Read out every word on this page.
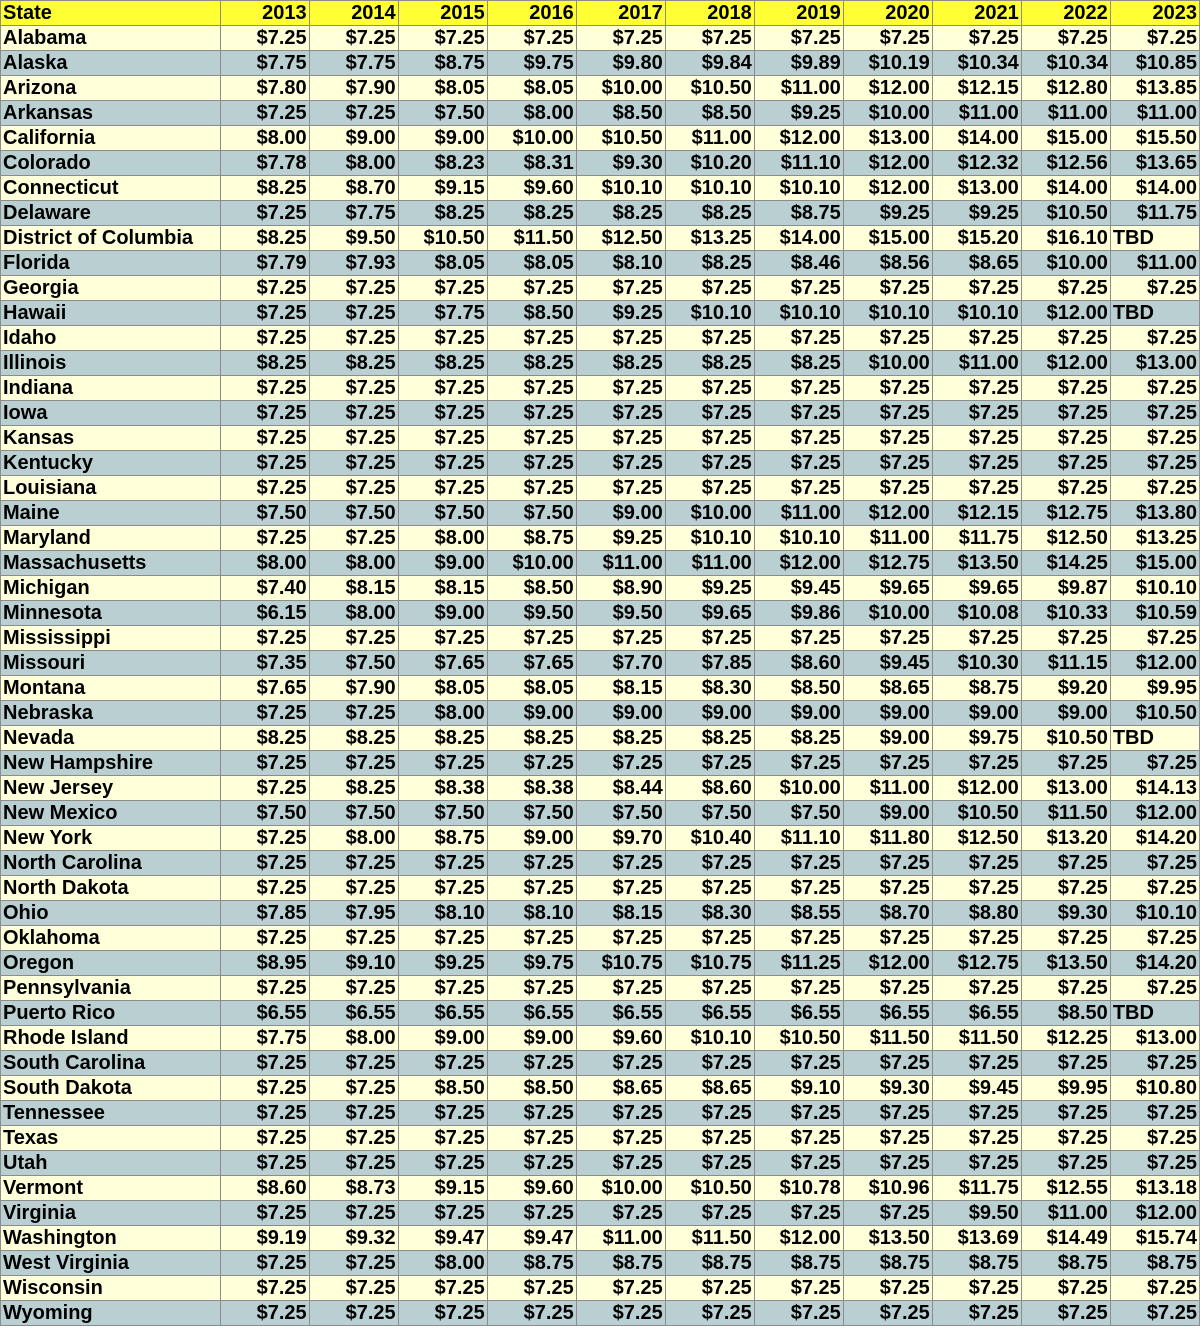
State	2013	2014	2015	2016	2017	2018	2019	2020	2021	2022	2023
Alabama	$7.25	$7.25	$7.25	$7.25	$7.25	$7.25	$7.25	$7.25	$7.25	$7.25	$7.25
Alaska	$7.75	$7.75	$8.75	$9.75	$9.80	$9.84	$9.89	$10.19	$10.34	$10.34	$10.85
Arizona	$7.80	$7.90	$8.05	$8.05	$10.00	$10.50	$11.00	$12.00	$12.15	$12.80	$13.85
Arkansas	$7.25	$7.25	$7.50	$8.00	$8.50	$8.50	$9.25	$10.00	$11.00	$11.00	$11.00
California	$8.00	$9.00	$9.00	$10.00	$10.50	$11.00	$12.00	$13.00	$14.00	$15.00	$15.50
Colorado	$7.78	$8.00	$8.23	$8.31	$9.30	$10.20	$11.10	$12.00	$12.32	$12.56	$13.65
Connecticut	$8.25	$8.70	$9.15	$9.60	$10.10	$10.10	$10.10	$12.00	$13.00	$14.00	$14.00
Delaware	$7.25	$7.75	$8.25	$8.25	$8.25	$8.25	$8.75	$9.25	$9.25	$10.50	$11.75
District of Columbia	$8.25	$9.50	$10.50	$11.50	$12.50	$13.25	$14.00	$15.00	$15.20	$16.10	TBD
Florida	$7.79	$7.93	$8.05	$8.05	$8.10	$8.25	$8.46	$8.56	$8.65	$10.00	$11.00
Georgia	$7.25	$7.25	$7.25	$7.25	$7.25	$7.25	$7.25	$7.25	$7.25	$7.25	$7.25
Hawaii	$7.25	$7.25	$7.75	$8.50	$9.25	$10.10	$10.10	$10.10	$10.10	$12.00	TBD
Idaho	$7.25	$7.25	$7.25	$7.25	$7.25	$7.25	$7.25	$7.25	$7.25	$7.25	$7.25
Illinois	$8.25	$8.25	$8.25	$8.25	$8.25	$8.25	$8.25	$10.00	$11.00	$12.00	$13.00
Indiana	$7.25	$7.25	$7.25	$7.25	$7.25	$7.25	$7.25	$7.25	$7.25	$7.25	$7.25
Iowa	$7.25	$7.25	$7.25	$7.25	$7.25	$7.25	$7.25	$7.25	$7.25	$7.25	$7.25
Kansas	$7.25	$7.25	$7.25	$7.25	$7.25	$7.25	$7.25	$7.25	$7.25	$7.25	$7.25
Kentucky	$7.25	$7.25	$7.25	$7.25	$7.25	$7.25	$7.25	$7.25	$7.25	$7.25	$7.25
Louisiana	$7.25	$7.25	$7.25	$7.25	$7.25	$7.25	$7.25	$7.25	$7.25	$7.25	$7.25
Maine	$7.50	$7.50	$7.50	$7.50	$9.00	$10.00	$11.00	$12.00	$12.15	$12.75	$13.80
Maryland	$7.25	$7.25	$8.00	$8.75	$9.25	$10.10	$10.10	$11.00	$11.75	$12.50	$13.25
Massachusetts	$8.00	$8.00	$9.00	$10.00	$11.00	$11.00	$12.00	$12.75	$13.50	$14.25	$15.00
Michigan	$7.40	$8.15	$8.15	$8.50	$8.90	$9.25	$9.45	$9.65	$9.65	$9.87	$10.10
Minnesota	$6.15	$8.00	$9.00	$9.50	$9.50	$9.65	$9.86	$10.00	$10.08	$10.33	$10.59
Mississippi	$7.25	$7.25	$7.25	$7.25	$7.25	$7.25	$7.25	$7.25	$7.25	$7.25	$7.25
Missouri	$7.35	$7.50	$7.65	$7.65	$7.70	$7.85	$8.60	$9.45	$10.30	$11.15	$12.00
Montana	$7.65	$7.90	$8.05	$8.05	$8.15	$8.30	$8.50	$8.65	$8.75	$9.20	$9.95
Nebraska	$7.25	$7.25	$8.00	$9.00	$9.00	$9.00	$9.00	$9.00	$9.00	$9.00	$10.50
Nevada	$8.25	$8.25	$8.25	$8.25	$8.25	$8.25	$8.25	$9.00	$9.75	$10.50	TBD
New Hampshire	$7.25	$7.25	$7.25	$7.25	$7.25	$7.25	$7.25	$7.25	$7.25	$7.25	$7.25
New Jersey	$7.25	$8.25	$8.38	$8.38	$8.44	$8.60	$10.00	$11.00	$12.00	$13.00	$14.13
New Mexico	$7.50	$7.50	$7.50	$7.50	$7.50	$7.50	$7.50	$9.00	$10.50	$11.50	$12.00
New York	$7.25	$8.00	$8.75	$9.00	$9.70	$10.40	$11.10	$11.80	$12.50	$13.20	$14.20
North Carolina	$7.25	$7.25	$7.25	$7.25	$7.25	$7.25	$7.25	$7.25	$7.25	$7.25	$7.25
North Dakota	$7.25	$7.25	$7.25	$7.25	$7.25	$7.25	$7.25	$7.25	$7.25	$7.25	$7.25
Ohio	$7.85	$7.95	$8.10	$8.10	$8.15	$8.30	$8.55	$8.70	$8.80	$9.30	$10.10
Oklahoma	$7.25	$7.25	$7.25	$7.25	$7.25	$7.25	$7.25	$7.25	$7.25	$7.25	$7.25
Oregon	$8.95	$9.10	$9.25	$9.75	$10.75	$10.75	$11.25	$12.00	$12.75	$13.50	$14.20
Pennsylvania	$7.25	$7.25	$7.25	$7.25	$7.25	$7.25	$7.25	$7.25	$7.25	$7.25	$7.25
Puerto Rico	$6.55	$6.55	$6.55	$6.55	$6.55	$6.55	$6.55	$6.55	$6.55	$8.50	TBD
Rhode Island	$7.75	$8.00	$9.00	$9.00	$9.60	$10.10	$10.50	$11.50	$11.50	$12.25	$13.00
South Carolina	$7.25	$7.25	$7.25	$7.25	$7.25	$7.25	$7.25	$7.25	$7.25	$7.25	$7.25
South Dakota	$7.25	$7.25	$8.50	$8.50	$8.65	$8.65	$9.10	$9.30	$9.45	$9.95	$10.80
Tennessee	$7.25	$7.25	$7.25	$7.25	$7.25	$7.25	$7.25	$7.25	$7.25	$7.25	$7.25
Texas	$7.25	$7.25	$7.25	$7.25	$7.25	$7.25	$7.25	$7.25	$7.25	$7.25	$7.25
Utah	$7.25	$7.25	$7.25	$7.25	$7.25	$7.25	$7.25	$7.25	$7.25	$7.25	$7.25
Vermont	$8.60	$8.73	$9.15	$9.60	$10.00	$10.50	$10.78	$10.96	$11.75	$12.55	$13.18
Virginia	$7.25	$7.25	$7.25	$7.25	$7.25	$7.25	$7.25	$7.25	$9.50	$11.00	$12.00
Washington	$9.19	$9.32	$9.47	$9.47	$11.00	$11.50	$12.00	$13.50	$13.69	$14.49	$15.74
West Virginia	$7.25	$7.25	$8.00	$8.75	$8.75	$8.75	$8.75	$8.75	$8.75	$8.75	$8.75
Wisconsin	$7.25	$7.25	$7.25	$7.25	$7.25	$7.25	$7.25	$7.25	$7.25	$7.25	$7.25
Wyoming	$7.25	$7.25	$7.25	$7.25	$7.25	$7.25	$7.25	$7.25	$7.25	$7.25	$7.25
